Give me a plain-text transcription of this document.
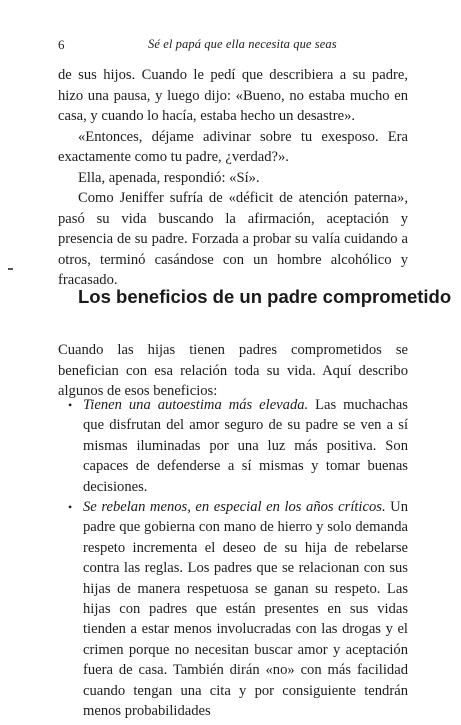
6	Sé el papá que ella necesita que seas

de sus hijos. Cuando le pedí que describiera a su padre, hizo una pausa, y luego dijo: «Bueno, no estaba mucho en casa, y cuando lo hacía, estaba hecho un desastre».

«Entonces, déjame adivinar sobre tu exesposo. Era exactamente como tu padre, ¿verdad?».

Ella, apenada, respondió: «Sí».

Como Jeniffer sufría de «déficit de atención paterna», pasó su vida buscando la afirmación, aceptación y presencia de su padre. Forzada a probar su valía cuidando a otros, terminó casándose con un hombre alcohólico y fracasado.

Los beneficios de un padre comprometido

Cuando las hijas tienen padres comprometidos se benefician con esa relación toda su vida. Aquí describo algunos de esos beneficios:

• Tienen una autoestima más elevada. Las muchachas que disfrutan del amor seguro de su padre se ven a sí mismas iluminadas por una luz más positiva. Son capaces de defenderse a sí mismas y tomar buenas decisiones.

• Se rebelan menos, en especial en los años críticos. Un padre que gobierna con mano de hierro y solo demanda respeto incrementa el deseo de su hija de rebelarse contra las reglas. Los padres que se relacionan con sus hijas de manera respetuosa se ganan su respeto. Las hijas con padres que están presentes en sus vidas tienden a estar menos involucradas con las drogas y el crimen porque no necesitan buscar amor y aceptación fuera de casa. También dirán «no» con más facilidad cuando tengan una cita y por consiguiente tendrán menos probabilidades
